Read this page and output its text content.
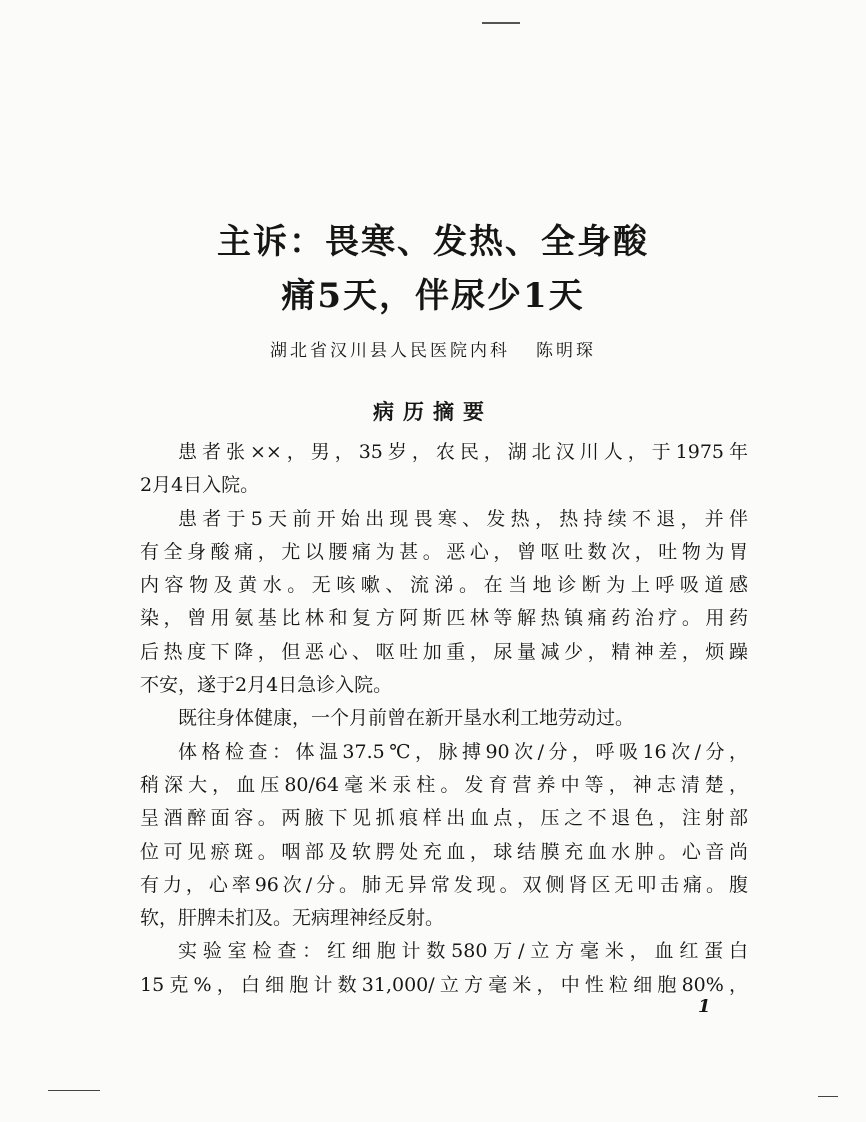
主诉：畏寒、发热、全身酸
痛5天，伴尿少1天
湖北省汉川县人民医院内科 陈明琛
病历摘要
患者张××，男，35岁，农民，湖北汉川人，于1975年
2月4日入院。
患者于5天前开始出现畏寒、发热，热持续不退，并伴
有全身酸痛，尤以腰痛为甚。恶心，曾呕吐数次，吐物为胃
内容物及黄水。无咳嗽、流涕。在当地诊断为上呼吸道感
染，曾用氨基比林和复方阿斯匹林等解热镇痛药治疗。用药
后热度下降，但恶心、呕吐加重，尿量减少，精神差，烦躁
不安，遂于2月4日急诊入院。
既往身体健康，一个月前曾在新开垦水利工地劳动过。
体格检查：体温37.5℃，脉搏90次/分，呼吸16次/分，
稍深大，血压80/64毫米汞柱。发育营养中等，神志清楚，
呈酒醉面容。两腋下见抓痕样出血点，压之不退色，注射部
位可见瘀斑。咽部及软腭处充血，球结膜充血水肿。心音尚
有力，心率96次/分。肺无异常发现。双侧肾区无叩击痛。腹
软，肝脾未扪及。无病理神经反射。
实验室检查：红细胞计数580万/立方毫米，血红蛋白
15克%，白细胞计数31,000/立方毫米，中性粒细胞80%，
1
